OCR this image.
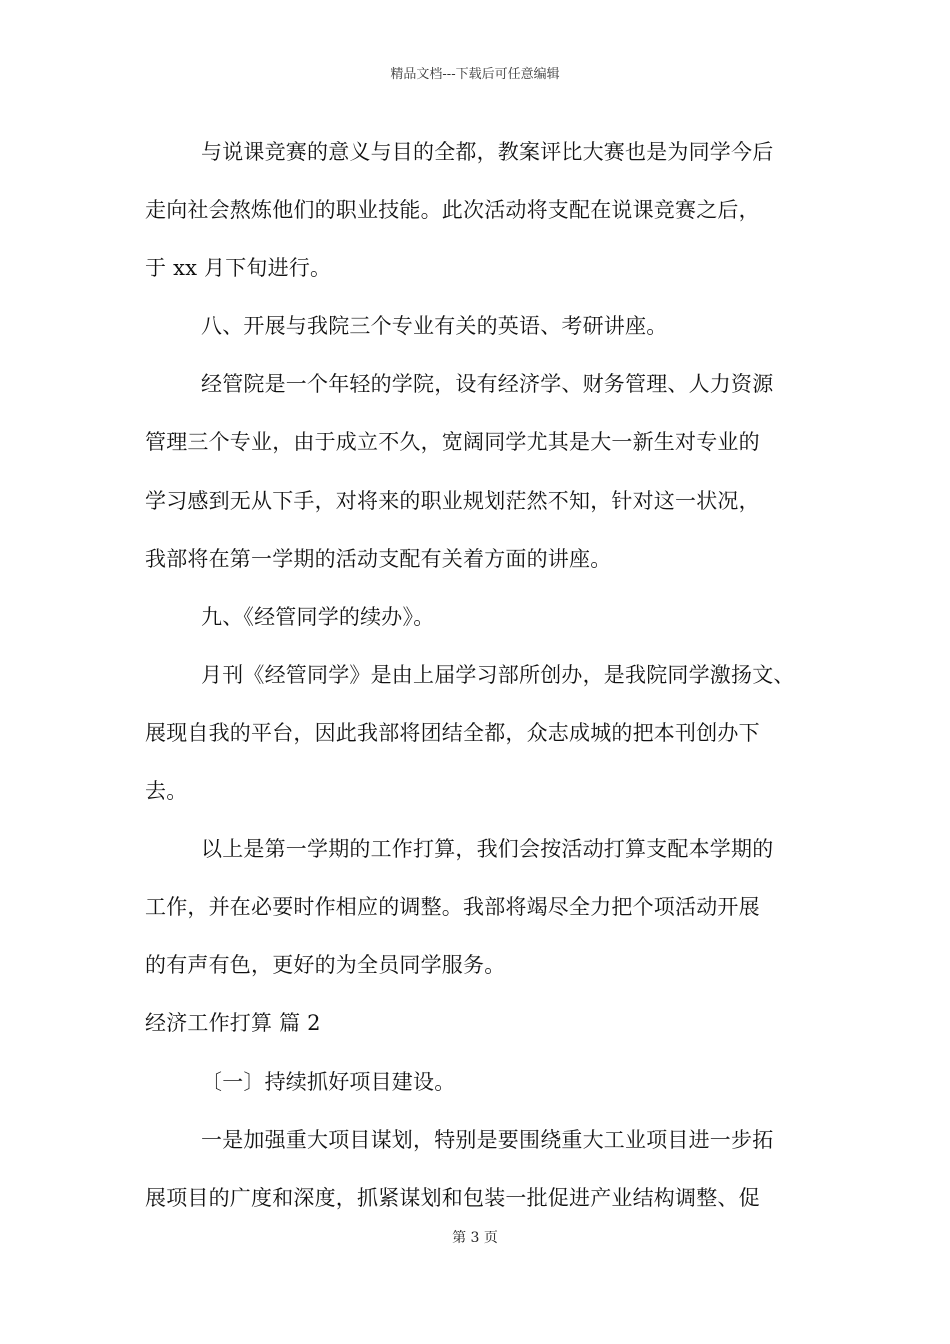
精品文档---下载后可任意编辑
与说课竞赛的意义与目的全都，教案评比大赛也是为同学今后
走向社会熬炼他们的职业技能。此次活动将支配在说课竞赛之后，
于 xx 月下旬进行。
八、开展与我院三个专业有关的英语、考研讲座。
经管院是一个年轻的学院，设有经济学、财务管理、人力资源
管理三个专业，由于成立不久，宽阔同学尤其是大一新生对专业的
学习感到无从下手，对将来的职业规划茫然不知，针对这一状况，
我部将在第一学期的活动支配有关着方面的讲座。
九、《经管同学的续办》。
月刊《经管同学》是由上届学习部所创办，是我院同学激扬文、
展现自我的平台，因此我部将团结全都，众志成城的把本刊创办下
去。
以上是第一学期的工作打算，我们会按活动打算支配本学期的
工作，并在必要时作相应的调整。我部将竭尽全力把个项活动开展
的有声有色，更好的为全员同学服务。
经济工作打算 篇 2
〔一〕持续抓好项目建设。
一是加强重大项目谋划，特别是要围绕重大工业项目进一步拓
展项目的广度和深度，抓紧谋划和包装一批促进产业结构调整、促
第 3 页
